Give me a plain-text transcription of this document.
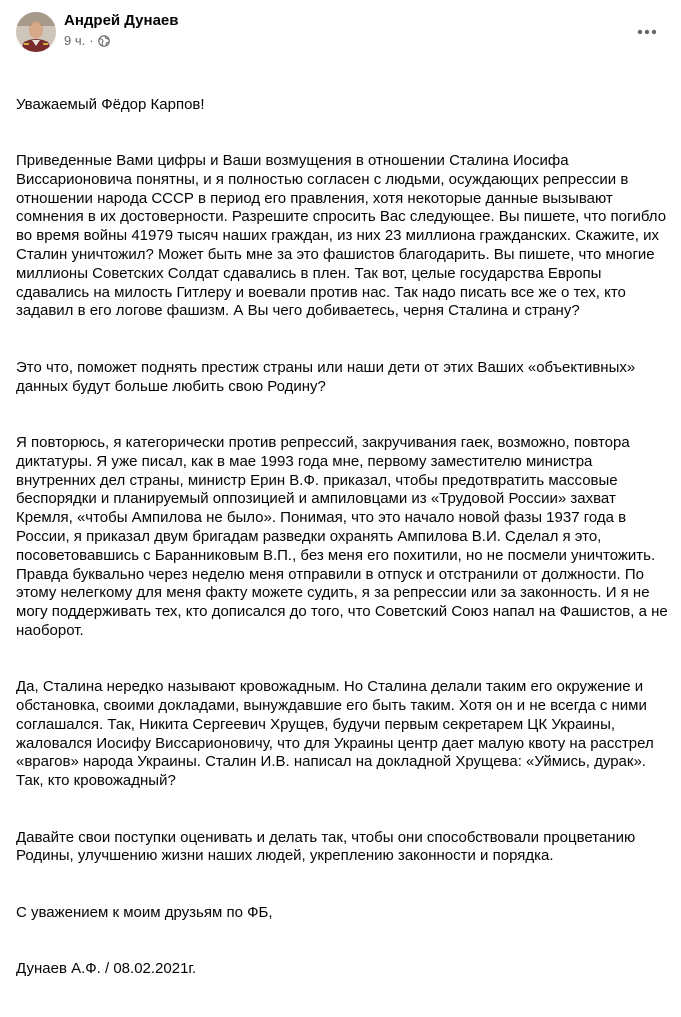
Андрей Дунаев
9 ч. ·

Уважаемый Фёдор Карпов!

Приведенные Вами цифры и Ваши возмущения в отношении Сталина Иосифа Виссарионовича понятны, и я полностью согласен с людьми, осуждающих репрессии в отношении народа СССР в период его правления, хотя некоторые данные вызывают сомнения в их достоверности. Разрешите спросить Вас следующее. Вы пишете, что погибло во время войны 41979 тысяч наших граждан, из них 23 миллиона гражданских. Скажите, их Сталин уничтожил? Может быть мне за это фашистов благодарить. Вы пишете, что многие миллионы Советских Солдат сдавались в плен. Так вот, целые государства Европы сдавались на милость Гитлеру и воевали против нас. Так надо писать все же о тех, кто задавил в его логове фашизм. А Вы чего добиваетесь, черня Сталина и страну?

Это что, поможет поднять престиж страны или наши дети от этих Ваших «объективных» данных будут больше любить свою Родину?

Я повторюсь, я категорически против репрессий, закручивания гаек, возможно, повтора диктатуры. Я уже писал, как в мае 1993 года мне, первому заместителю министра внутренних дел страны, министр Ерин В.Ф. приказал, чтобы предотвратить массовые беспорядки и планируемый оппозицией и ампиловцами из «Трудовой России» захват Кремля, «чтобы Ампилова не было». Понимая, что это начало новой фазы 1937 года в России, я приказал двум бригадам разведки охранять Ампилова В.И. Сделал я это, посоветовавшись с Баранниковым В.П., без меня его похитили, но не посмели уничтожить. Правда буквально через неделю меня отправили в отпуск и отстранили от должности. По этому нелегкому для меня факту можете судить, я за репрессии или за законность. И я не могу поддерживать тех, кто дописался до того, что Советский Союз напал на Фашистов, а не наоборот.

Да, Сталина нередко называют кровожадным. Но Сталина делали таким его окружение и обстановка, своими докладами, вынуждавшие его быть таким. Хотя он и не всегда с ними соглашался. Так, Никита Сергеевич Хрущев, будучи первым секретарем ЦК Украины, жаловался Иосифу Виссарионовичу, что для Украины центр дает малую квоту на расстрел «врагов» народа Украины. Сталин И.В. написал на докладной Хрущева: «Уймись, дурак». Так, кто кровожадный?

Давайте свои поступки оценивать и делать так, чтобы они способствовали процветанию Родины, улучшению жизни наших людей, укреплению законности и порядка.

С уважением к моим друзьям по ФБ,

Дунаев А.Ф. / 08.02.2021г.
